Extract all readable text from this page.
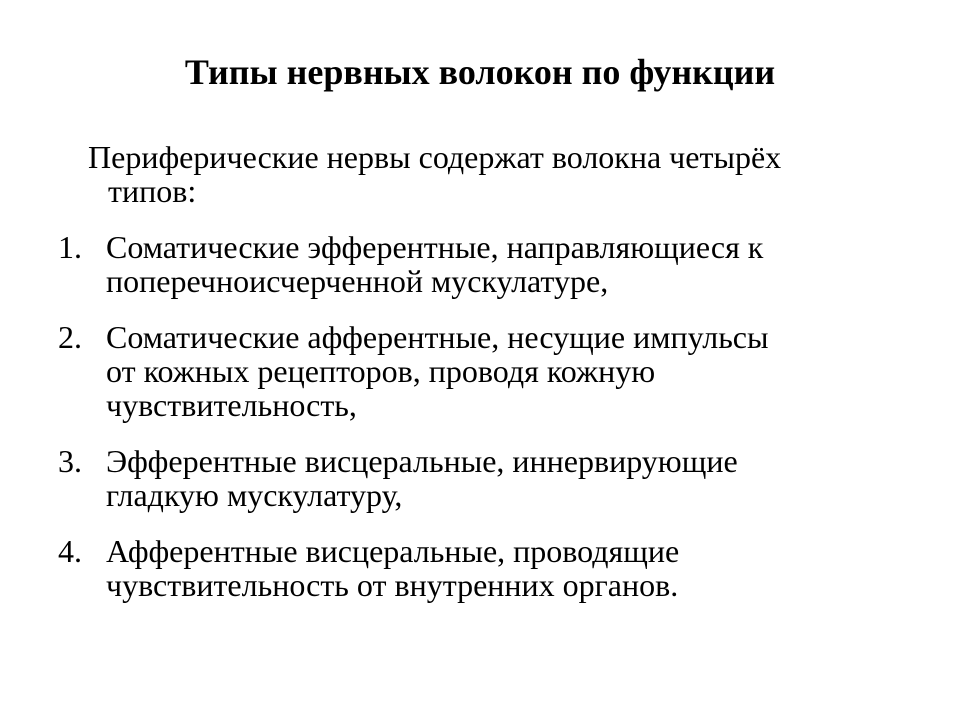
Типы нервных волокон по функции

Периферические нервы содержат волокна четырёх
типов:

1. Соматические эфферентные, направляющиеся к
поперечноисчерченной мускулатуре,
2. Соматические афферентные, несущие импульсы
от кожных рецепторов, проводя кожную
чувствительность,
3. Эфферентные висцеральные, иннервирующие
гладкую мускулатуру,
4. Афферентные висцеральные, проводящие
чувствительность от внутренних органов.
